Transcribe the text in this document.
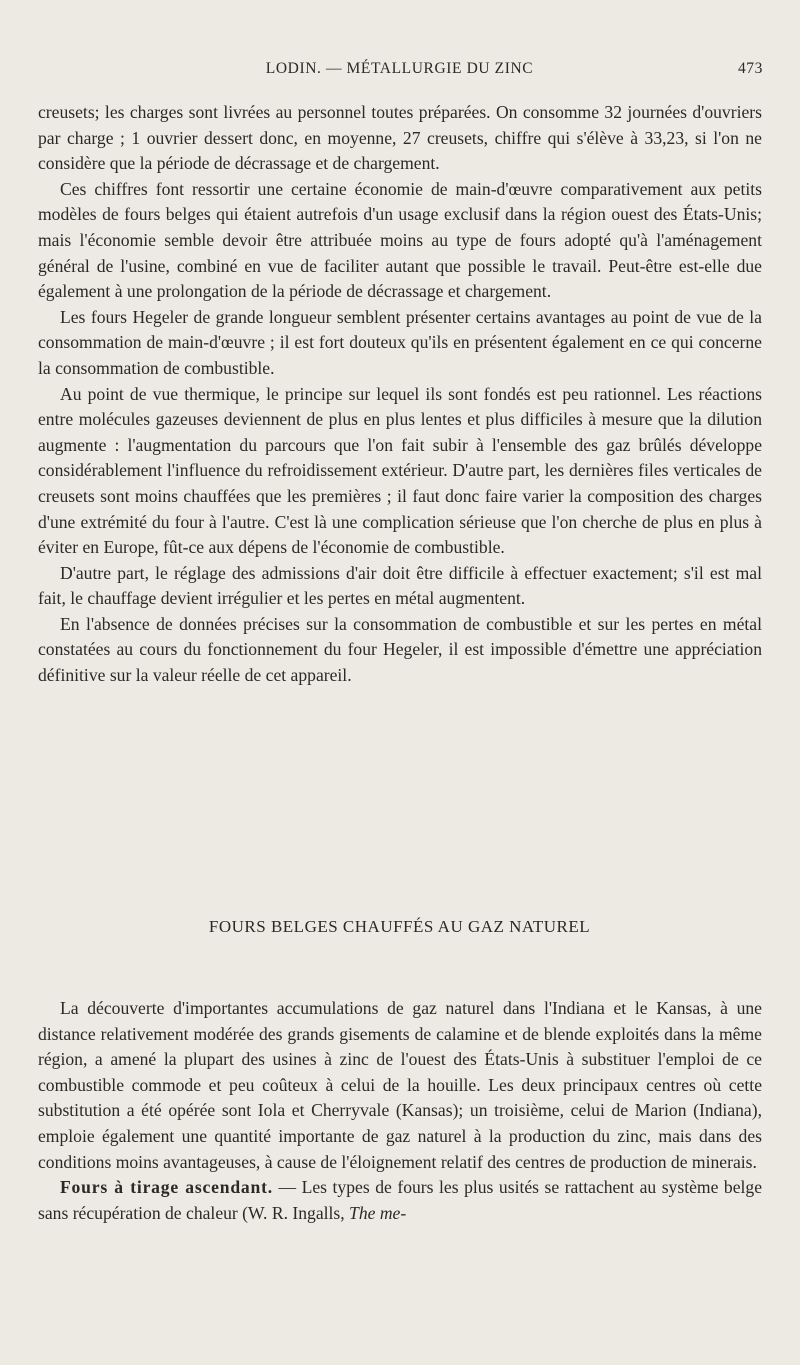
LODIN. — MÉTALLURGIE DU ZINC	473

creusets; les charges sont livrées au personnel toutes préparées. On consomme 32 journées d'ouvriers par charge ; 1 ouvrier dessert donc, en moyenne, 27 creusets, chiffre qui s'élève à 33,23, si l'on ne considère que la période de décrassage et de chargement.

Ces chiffres font ressortir une certaine économie de main-d'œuvre comparativement aux petits modèles de fours belges qui étaient autrefois d'un usage exclusif dans la région ouest des États-Unis; mais l'économie semble devoir être attribuée moins au type de fours adopté qu'à l'aménagement général de l'usine, combiné en vue de faciliter autant que possible le travail. Peut-être est-elle due également à une prolongation de la période de décrassage et chargement.

Les fours Hegeler de grande longueur semblent présenter certains avantages au point de vue de la consommation de main-d'œuvre ; il est fort douteux qu'ils en présentent également en ce qui concerne la consommation de combustible.

Au point de vue thermique, le principe sur lequel ils sont fondés est peu rationnel. Les réactions entre molécules gazeuses deviennent de plus en plus lentes et plus difficiles à mesure que la dilution augmente : l'augmentation du parcours que l'on fait subir à l'ensemble des gaz brûlés développe considérablement l'influence du refroidissement extérieur. D'autre part, les dernières files verticales de creusets sont moins chauffées que les premières ; il faut donc faire varier la composition des charges d'une extrémité du four à l'autre. C'est là une complication sérieuse que l'on cherche de plus en plus à éviter en Europe, fût-ce aux dépens de l'économie de combustible.

D'autre part, le réglage des admissions d'air doit être difficile à effectuer exactement; s'il est mal fait, le chauffage devient irrégulier et les pertes en métal augmentent.

En l'absence de données précises sur la consommation de combustible et sur les pertes en métal constatées au cours du fonctionnement du four Hegeler, il est impossible d'émettre une appréciation définitive sur la valeur réelle de cet appareil.

FOURS BELGES CHAUFFÉS AU GAZ NATUREL

La découverte d'importantes accumulations de gaz naturel dans l'Indiana et le Kansas, à une distance relativement modérée des grands gisements de calamine et de blende exploités dans la même région, a amené la plupart des usines à zinc de l'ouest des États-Unis à substituer l'emploi de ce combustible commode et peu coûteux à celui de la houille. Les deux principaux centres où cette substitution a été opérée sont Iola et Cherryvale (Kansas); un troisième, celui de Marion (Indiana), emploie également une quantité importante de gaz naturel à la production du zinc, mais dans des conditions moins avantageuses, à cause de l'éloignement relatif des centres de production de minerais.

Fours à tirage ascendant. — Les types de fours les plus usités se rattachent au système belge sans récupération de chaleur (W. R. Ingalls, The me-
